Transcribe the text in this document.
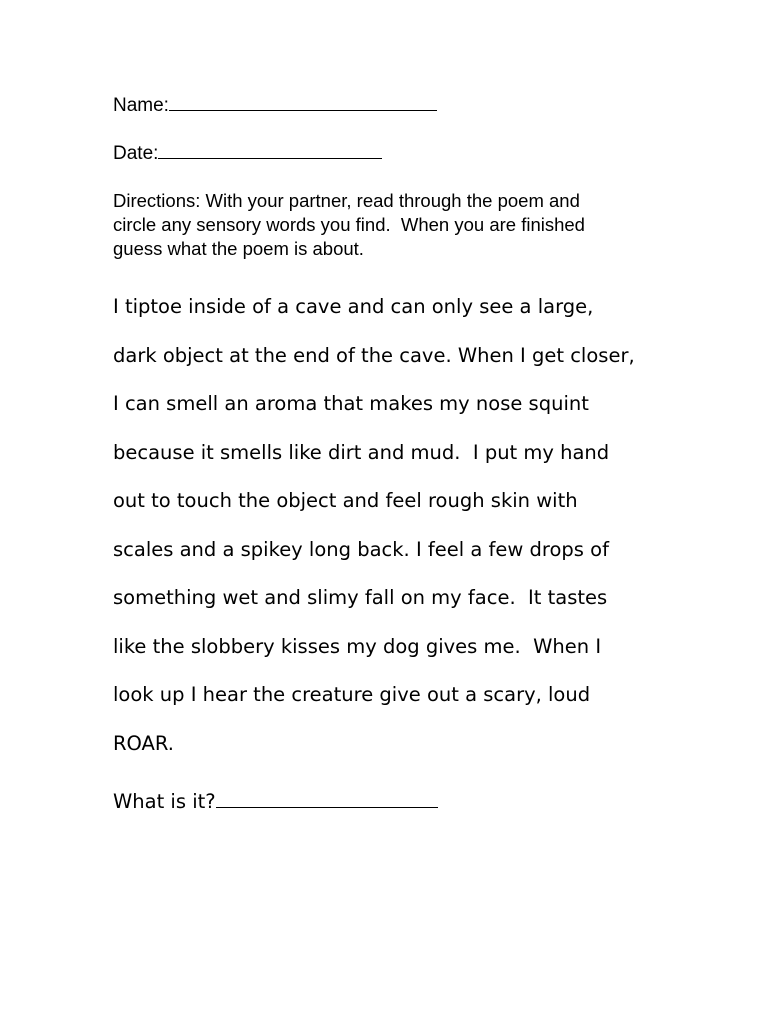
Name:
Date:
Directions: With your partner, read through the poem and
circle any sensory words you find.  When you are finished
guess what the poem is about.
I tiptoe inside of a cave and can only see a large,
dark object at the end of the cave. When I get closer,
I can smell an aroma that makes my nose squint
because it smells like dirt and mud.  I put my hand
out to touch the object and feel rough skin with
scales and a spikey long back. I feel a few drops of
something wet and slimy fall on my face.  It tastes
like the slobbery kisses my dog gives me.  When I
look up I hear the creature give out a scary, loud
ROAR.
What is it?
